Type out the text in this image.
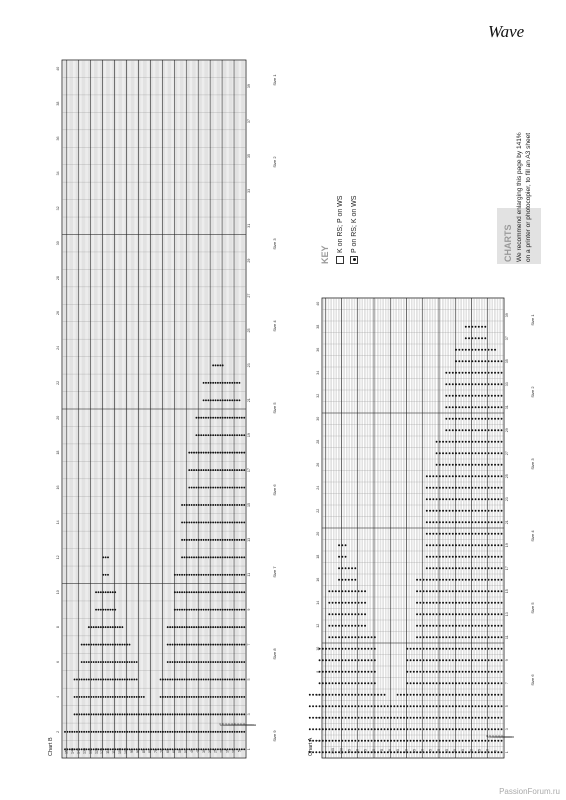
Wave
CHARTS We recommend enlarging this page by 141% on a printer or photocopier, to fill an A3 sheet
KEY
K on RS; P on WS P on RS; K on WS
40
38
36
34
32
30
28
26
24
22
20
18
16
14
12
10
8
6
4
2
39
37
35
33
31
29
27
25
23
21
19
17
15
13
11
9
7
5
3
1
5
10
15
20
25
30
35
40
45
50
55
60
65
70
75
80
85
90
95
100
105
110
115
120
125
130
135
140
145
150
Chart B
Size 1
Size 2
Size 3
Size 4
Size 5
Size 6
Size 7
Size 8
Size 9
40
38
36
34
32
30
28
26
24
22
20
18
16
14
12
10
8
6
4
2
39
37
35
33
31
29
27
25
23
21
19
17
15
13
11
9
7
5
3
1
5
10
15
20
25
30
35
40
45
50
55
60
65
70
75
80
85
90
95
100
105
Chart A
Size 1
Size 2
Size 3
Size 4
Size 5
Size 6
PassionForum.ru
